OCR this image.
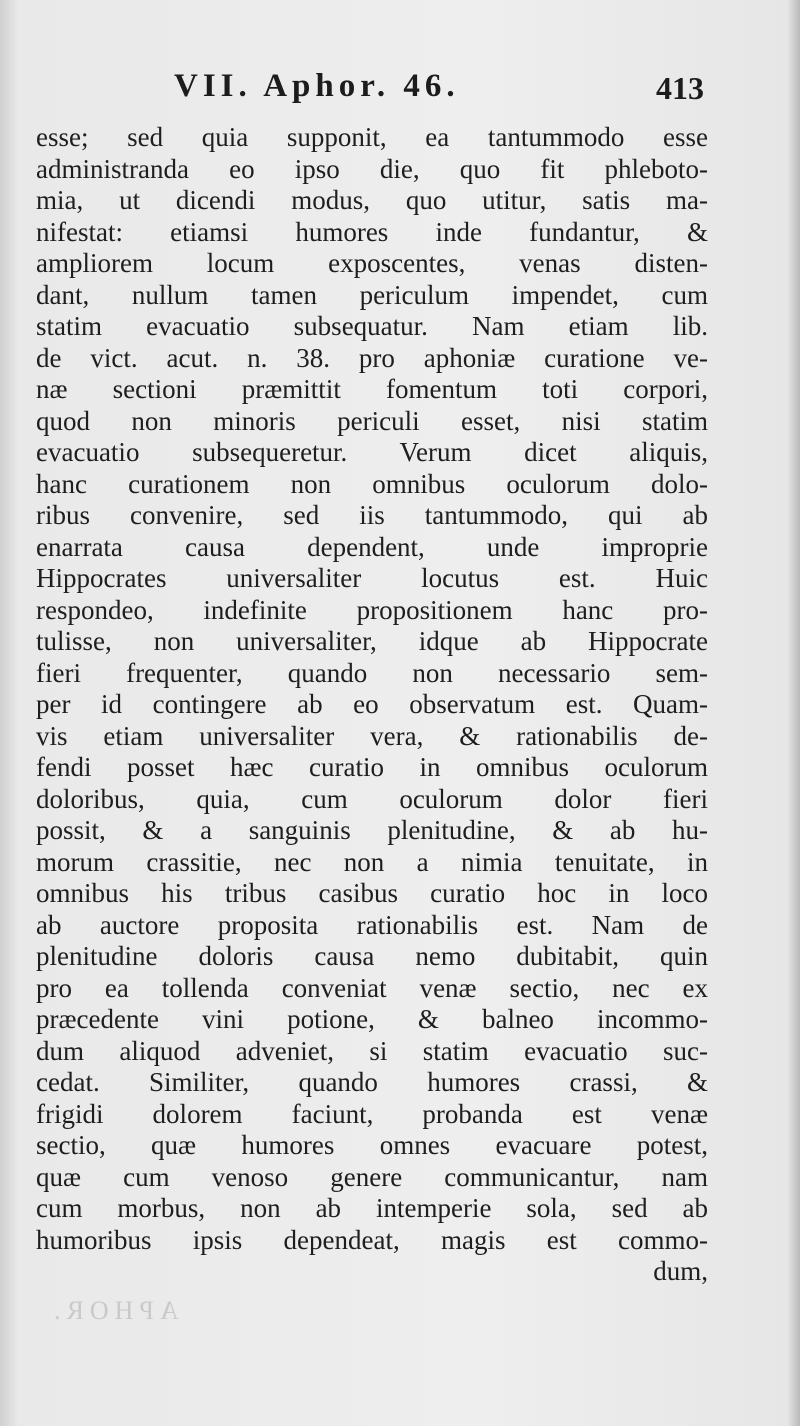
VII. Aphor. 46.	413
esse; sed quia supponit, ea tantummodo esse
administranda eo ipso die, quo fit phleboto-
mia, ut dicendi modus, quo utitur, satis ma-
nifestat: etiamsi humores inde fundantur, &
ampliorem locum exposcentes, venas disten-
dant, nullum tamen periculum impendet, cum
statim evacuatio subsequatur. Nam etiam lib.
de vict. acut. n. 38. pro aphoniæ curatione ve-
næ sectioni præmittit fomentum toti corpori,
quod non minoris periculi esset, nisi statim
evacuatio subsequeretur. Verum dicet aliquis,
hanc curationem non omnibus oculorum dolo-
ribus convenire, sed iis tantummodo, qui ab
enarrata causa dependent, unde improprie
Hippocrates universaliter locutus est. Huic
respondeo, indefinite propositionem hanc pro-
tulisse, non universaliter, idque ab Hippocrate
fieri frequenter, quando non necessario sem-
per id contingere ab eo observatum est. Quam-
vis etiam universaliter vera, & rationabilis de-
fendi posset hæc curatio in omnibus oculorum
doloribus, quia, cum oculorum dolor fieri
possit, & a sanguinis plenitudine, & ab hu-
morum crassitie, nec non a nimia tenuitate, in
omnibus his tribus casibus curatio hoc in loco
ab auctore proposita rationabilis est. Nam de
plenitudine doloris causa nemo dubitabit, quin
pro ea tollenda conveniat venæ sectio, nec ex
præcedente vini potione, & balneo incommo-
dum aliquod adveniet, si statim evacuatio suc-
cedat. Similiter, quando humores crassi, &
frigidi dolorem faciunt, probanda est venæ
sectio, quæ humores omnes evacuare potest,
quæ cum venoso genere communicantur, nam
cum morbus, non ab intemperie sola, sed ab
humoribus ipsis dependeat, magis est commo-
dum,
APHOR.
